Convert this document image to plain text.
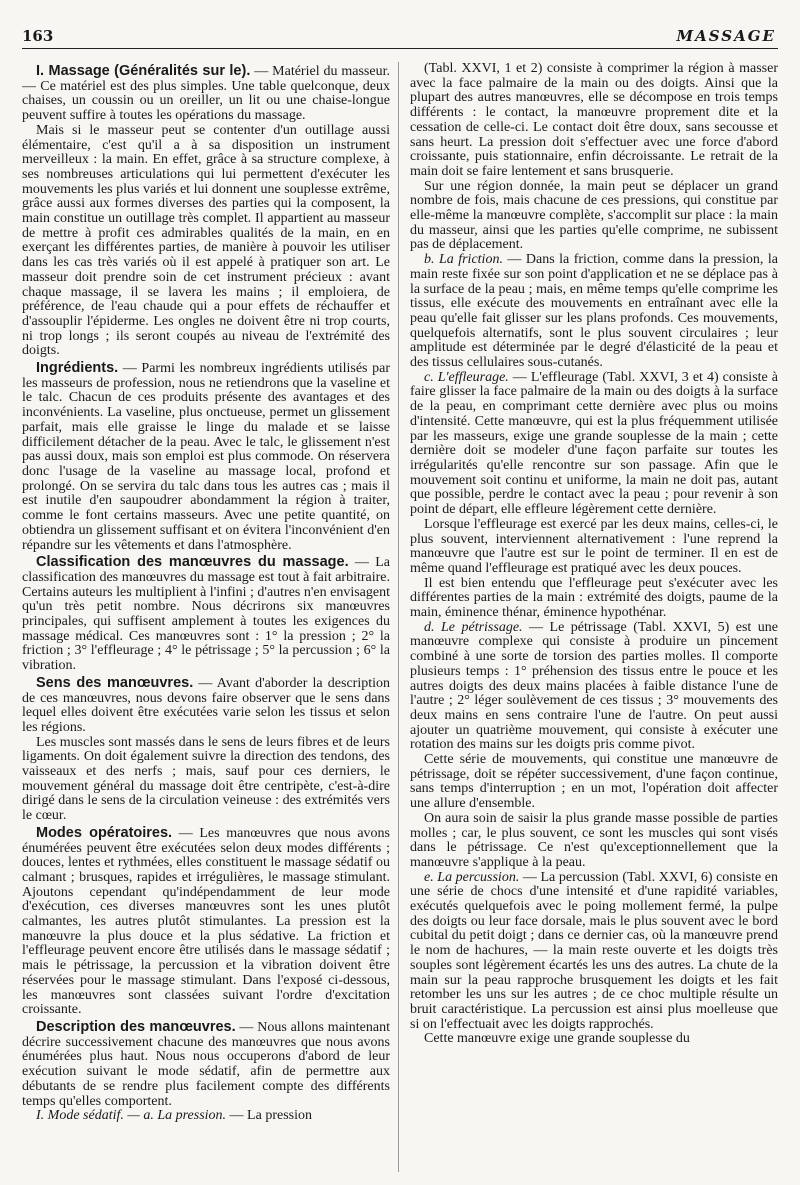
163	MASSAGE

I. Massage (Généralités sur le). — Matériel du masseur. — Ce matériel est des plus simples. Une table quelconque, deux chaises, un coussin ou un oreiller, un lit ou une chaise-longue peuvent suffire à toutes les opérations du massage.

Mais si le masseur peut se contenter d'un outillage aussi élémentaire, c'est qu'il a à sa disposition un instrument merveilleux : la main. En effet, grâce à sa structure complexe, à ses nombreuses articulations qui lui permettent d'exécuter les mouvements les plus variés et lui donnent une souplesse extrême, grâce aussi aux formes diverses des parties qui la composent, la main constitue un outillage très complet. Il appartient au masseur de mettre à profit ces admirables qualités de la main, en en exerçant les différentes parties, de manière à pouvoir les utiliser dans les cas très variés où il est appelé à pratiquer son art. Le masseur doit prendre soin de cet instrument précieux : avant chaque massage, il se lavera les mains ; il emploiera, de préférence, de l'eau chaude qui a pour effets de réchauffer et d'assouplir l'épiderme. Les ongles ne doivent être ni trop courts, ni trop longs ; ils seront coupés au niveau de l'extrémité des doigts.

Ingrédients. — Parmi les nombreux ingrédients utilisés par les masseurs de profession, nous ne retiendrons que la vaseline et le talc. Chacun de ces produits présente des avantages et des inconvénients. La vaseline, plus onctueuse, permet un glissement parfait, mais elle graisse le linge du malade et se laisse difficilement détacher de la peau. Avec le talc, le glissement n'est pas aussi doux, mais son emploi est plus commode. On réservera donc l'usage de la vaseline au massage local, profond et prolongé. On se servira du talc dans tous les autres cas ; mais il est inutile d'en saupoudrer abondamment la région à traiter, comme le font certains masseurs. Avec une petite quantité, on obtiendra un glissement suffisant et on évitera l'inconvénient d'en répandre sur les vêtements et dans l'atmosphère.

Classification des manœuvres du massage. — La classification des manœuvres du massage est tout à fait arbitraire. Certains auteurs les multiplient à l'infini ; d'autres n'en envisagent qu'un très petit nombre. Nous décrirons six manœuvres principales, qui suffisent amplement à toutes les exigences du massage médical. Ces manœuvres sont : 1° la pression ; 2° la friction ; 3° l'effleurage ; 4° le pétrissage ; 5° la percussion ; 6° la vibration.

Sens des manœuvres. — Avant d'aborder la description de ces manœuvres, nous devons faire observer que le sens dans lequel elles doivent être exécutées varie selon les tissus et selon les régions.

Les muscles sont massés dans le sens de leurs fibres et de leurs ligaments. On doit également suivre la direction des tendons, des vaisseaux et des nerfs ; mais, sauf pour ces derniers, le mouvement général du massage doit être centripète, c'est-à-dire dirigé dans le sens de la circulation veineuse : des extrémités vers le cœur.

Modes opératoires. — Les manœuvres que nous avons énumérées peuvent être exécutées selon deux modes différents ; douces, lentes et rythmées, elles constituent le massage sédatif ou calmant ; brusques, rapides et irrégulières, le massage stimulant. Ajoutons cependant qu'indépendamment de leur mode d'exécution, ces diverses manœuvres sont les unes plutôt calmantes, les autres plutôt stimulantes. La pression est la manœuvre la plus douce et la plus sédative. La friction et l'effleurage peuvent encore être utilisés dans le massage sédatif ; mais le pétrissage, la percussion et la vibration doivent être réservées pour le massage stimulant. Dans l'exposé ci-dessous, les manœuvres sont classées suivant l'ordre d'excitation croissante.

Description des manœuvres. — Nous allons maintenant décrire successivement chacune des manœuvres que nous avons énumérées plus haut. Nous nous occuperons d'abord de leur exécution suivant le mode sédatif, afin de permettre aux débutants de se rendre plus facilement compte des différents temps qu'elles comportent.

I. Mode sédatif. — a. La pression. — La pression

(Tabl. XXVI, 1 et 2) consiste à comprimer la région à masser avec la face palmaire de la main ou des doigts. Ainsi que la plupart des autres manœuvres, elle se décompose en trois temps différents : le contact, la manœuvre proprement dite et la cessation de celle-ci. Le contact doit être doux, sans secousse et sans heurt. La pression doit s'effectuer avec une force d'abord croissante, puis stationnaire, enfin décroissante. Le retrait de la main doit se faire lentement et sans brusquerie.

Sur une région donnée, la main peut se déplacer un grand nombre de fois, mais chacune de ces pressions, qui constitue par elle-même la manœuvre complète, s'accomplit sur place : la main du masseur, ainsi que les parties qu'elle comprime, ne subissent pas de déplacement.

b. La friction. — Dans la friction, comme dans la pression, la main reste fixée sur son point d'application et ne se déplace pas à la surface de la peau ; mais, en même temps qu'elle comprime les tissus, elle exécute des mouvements en entraînant avec elle la peau qu'elle fait glisser sur les plans profonds. Ces mouvements, quelquefois alternatifs, sont le plus souvent circulaires ; leur amplitude est déterminée par le degré d'élasticité de la peau et des tissus cellulaires sous-cutanés.

c. L'effleurage. — L'effleurage (Tabl. XXVI, 3 et 4) consiste à faire glisser la face palmaire de la main ou des doigts à la surface de la peau, en comprimant cette dernière avec plus ou moins d'intensité. Cette manœuvre, qui est la plus fréquemment utilisée par les masseurs, exige une grande souplesse de la main ; cette dernière doit se modeler d'une façon parfaite sur toutes les irrégularités qu'elle rencontre sur son passage. Afin que le mouvement soit continu et uniforme, la main ne doit pas, autant que possible, perdre le contact avec la peau ; pour revenir à son point de départ, elle effleure légèrement cette dernière.

Lorsque l'effleurage est exercé par les deux mains, celles-ci, le plus souvent, interviennent alternativement : l'une reprend la manœuvre que l'autre est sur le point de terminer. Il en est de même quand l'effleurage est pratiqué avec les deux pouces.

Il est bien entendu que l'effleurage peut s'exécuter avec les différentes parties de la main : extrémité des doigts, paume de la main, éminence thénar, éminence hypothénar.

d. Le pétrissage. — Le pétrissage (Tabl. XXVI, 5) est une manœuvre complexe qui consiste à produire un pincement combiné à une sorte de torsion des parties molles. Il comporte plusieurs temps : 1° préhension des tissus entre le pouce et les autres doigts des deux mains placées à faible distance l'une de l'autre ; 2° léger soulèvement de ces tissus ; 3° mouvements des deux mains en sens contraire l'une de l'autre. On peut aussi ajouter un quatrième mouvement, qui consiste à exécuter une rotation des mains sur les doigts pris comme pivot.

Cette série de mouvements, qui constitue une manœuvre de pétrissage, doit se répéter successivement, d'une façon continue, sans temps d'interruption ; en un mot, l'opération doit affecter une allure d'ensemble.

On aura soin de saisir la plus grande masse possible de parties molles ; car, le plus souvent, ce sont les muscles qui sont visés dans le pétrissage. Ce n'est qu'exceptionnellement que la manœuvre s'applique à la peau.

e. La percussion. — La percussion (Tabl. XXVI, 6) consiste en une série de chocs d'une intensité et d'une rapidité variables, exécutés quelquefois avec le poing mollement fermé, la pulpe des doigts ou leur face dorsale, mais le plus souvent avec le bord cubital du petit doigt ; dans ce dernier cas, où la manœuvre prend le nom de hachures, — la main reste ouverte et les doigts très souples sont légèrement écartés les uns des autres. La chute de la main sur la peau rapproche brusquement les doigts et les fait retomber les uns sur les autres ; de ce choc multiple résulte un bruit caractéristique. La percussion est ainsi plus moelleuse que si on l'effectuait avec les doigts rapprochés.

Cette manœuvre exige une grande souplesse du
